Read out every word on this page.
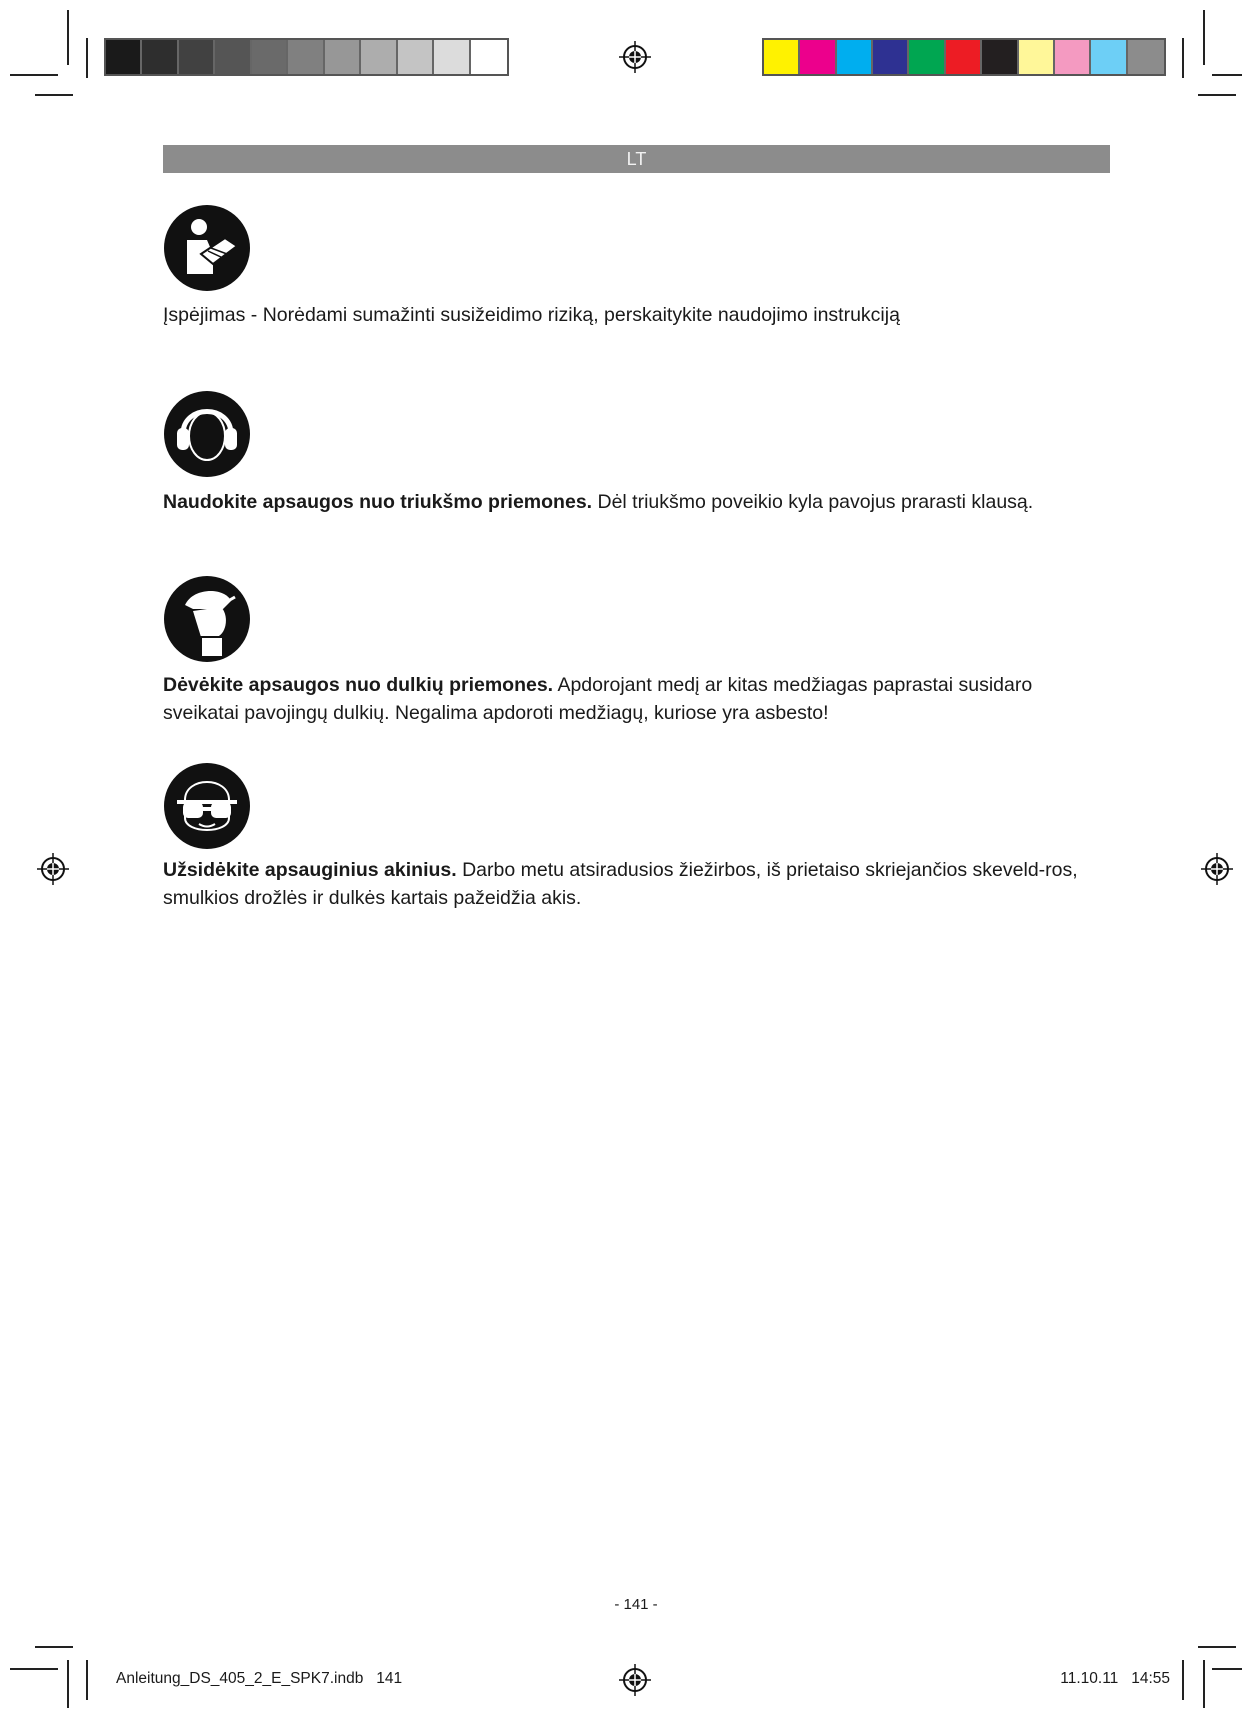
LT
Įspėjimas - Norėdami sumažinti susižeidimo riziką, perskaitykite naudojimo instrukciją
Naudokite apsaugos nuo triukšmo priemones. Dėl triukšmo poveikio kyla pavojus prarasti klausą.
Dėvėkite apsaugos nuo dulkių priemones. Apdorojant medį ar kitas medžiagas paprastai susidaro sveikatai pavojingų dulkių. Negalima apdoroti medžiagų, kuriose yra asbesto!
Užsidėkite apsauginius akinius. Darbo metu atsiradusios žiežirbos, iš prietaiso skriejančios skeveld-ros, smulkios drožlės ir dulkės kartais pažeidžia akis.
- 141 -
Anleitung_DS_405_2_E_SPK7.indb   141	11.10.11   14:55
